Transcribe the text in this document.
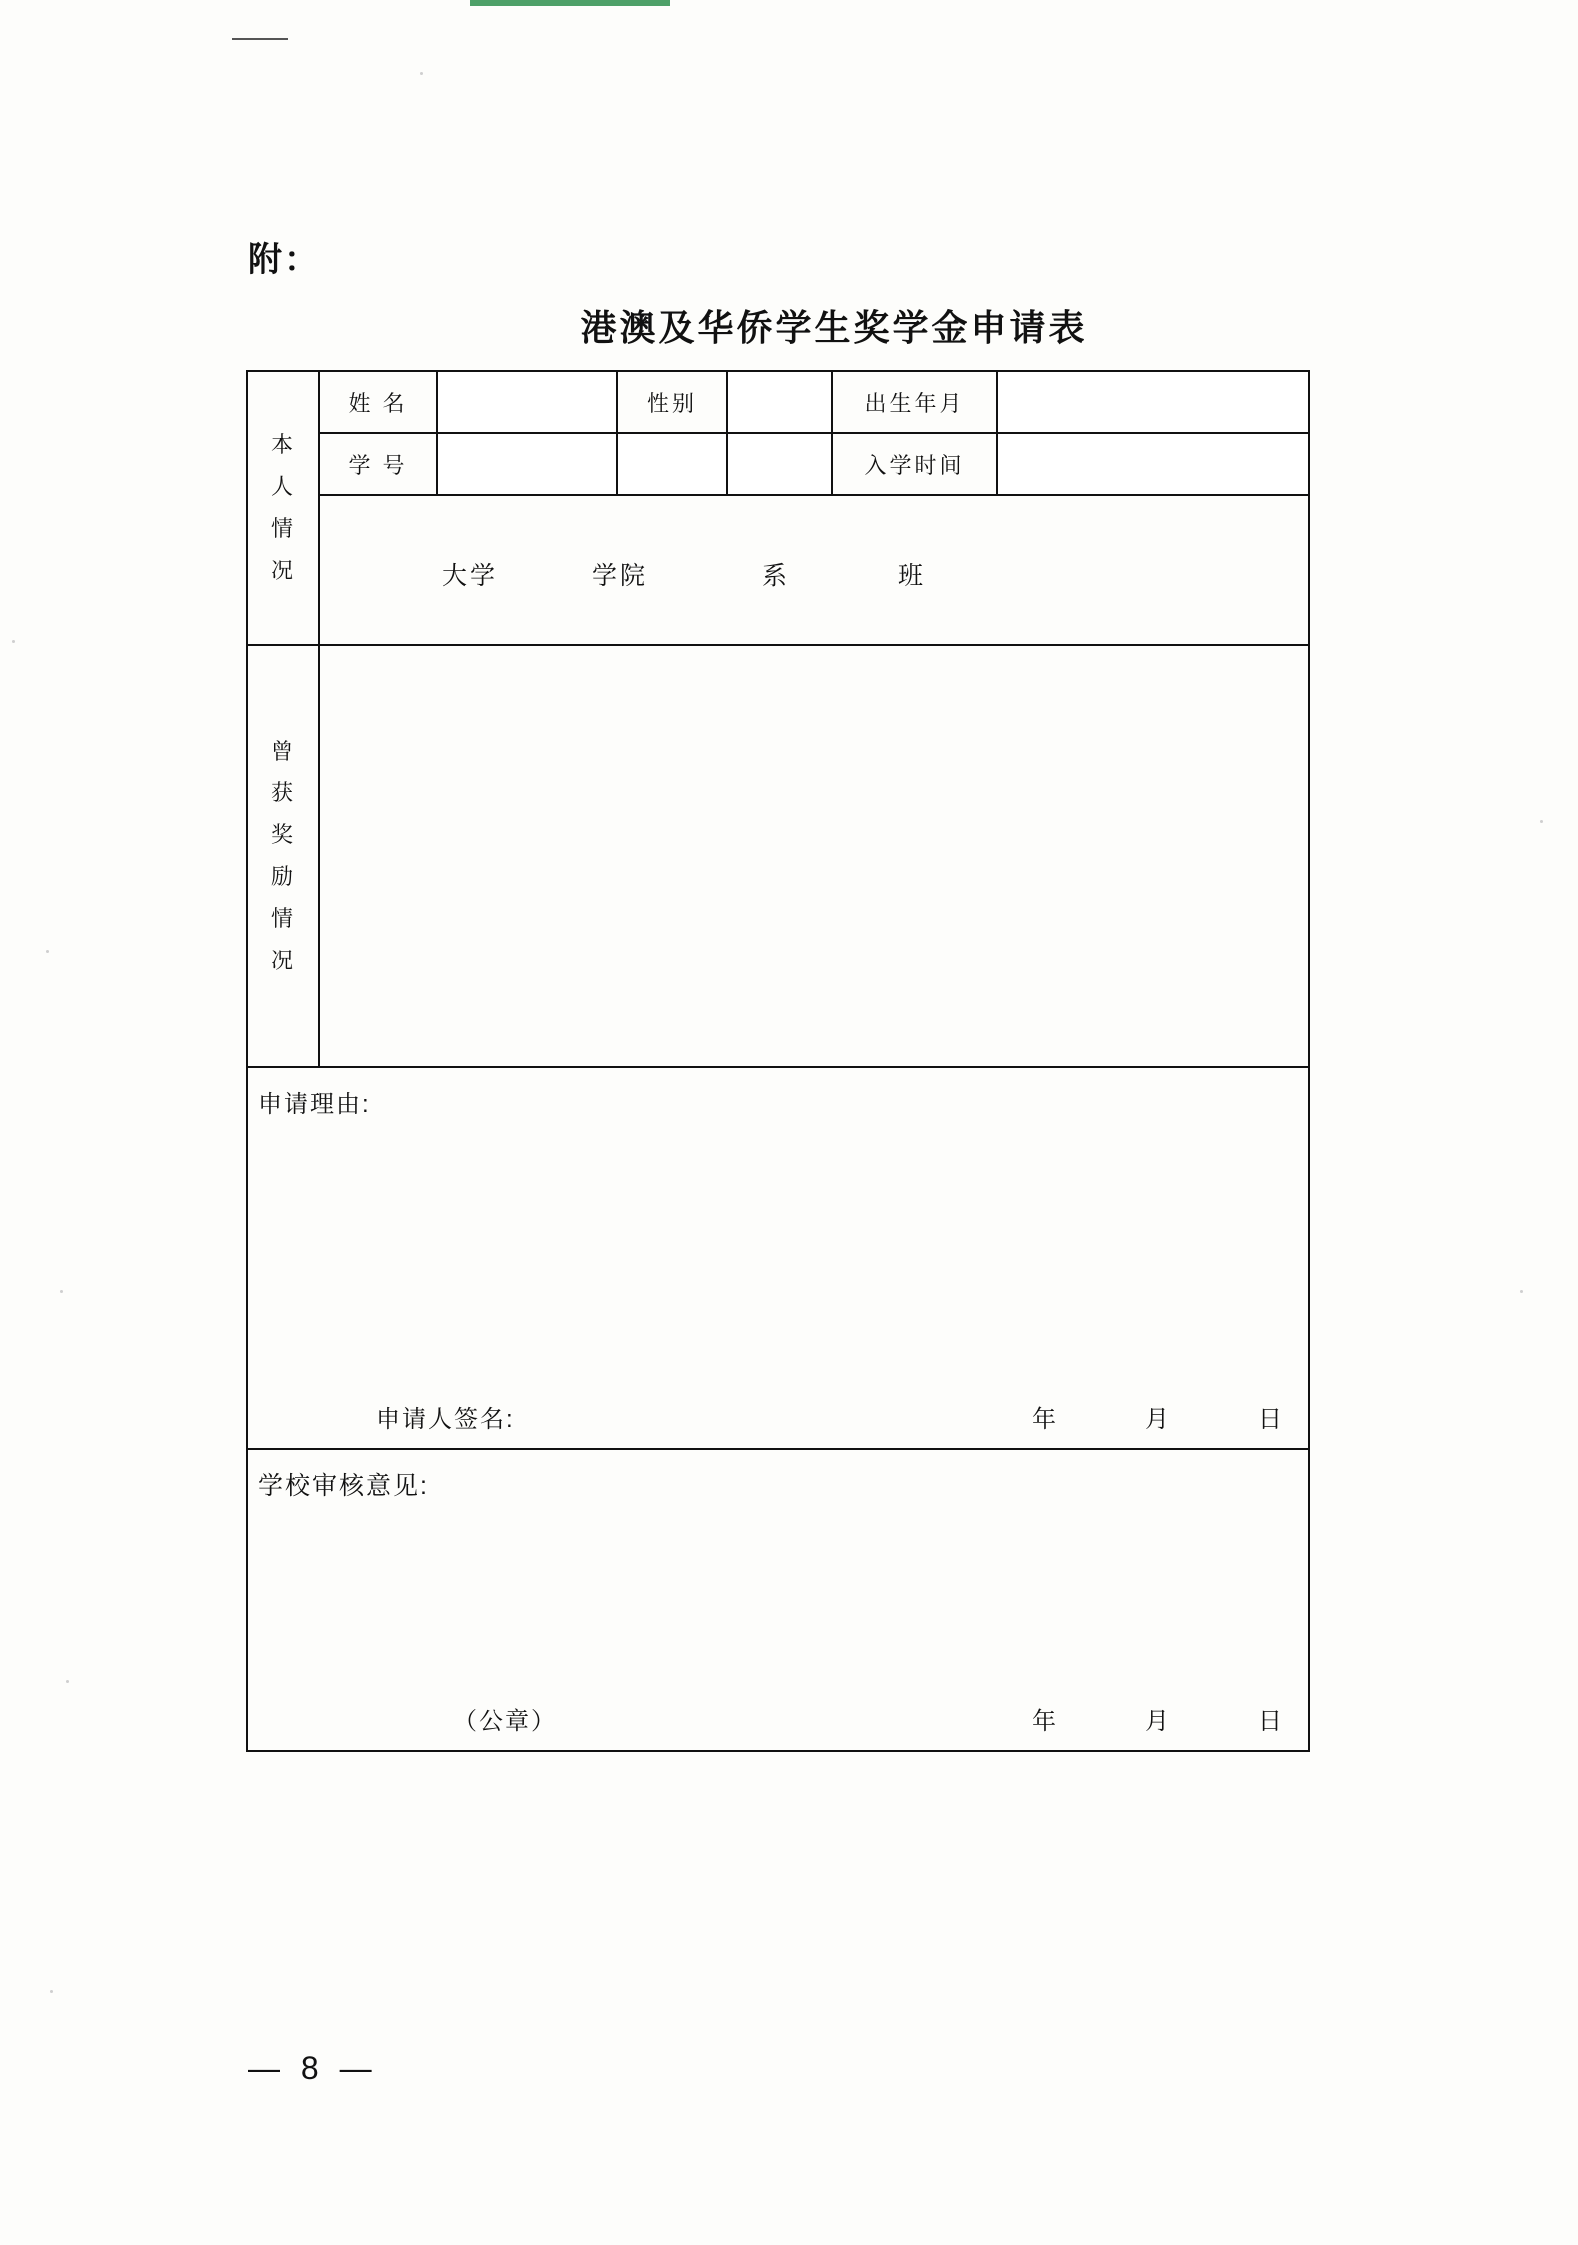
附：
港澳及华侨学生奖学金申请表
本
人
情
况	姓 名		性别		出生年月	
	学 号				入学时间	

	大学 学院 系 班					

曾
获
奖
励
情
况

申请理由:
申请人签名: 年 月 日						

学校审核意见:
（公章） 年 月 日						
— 8 —
